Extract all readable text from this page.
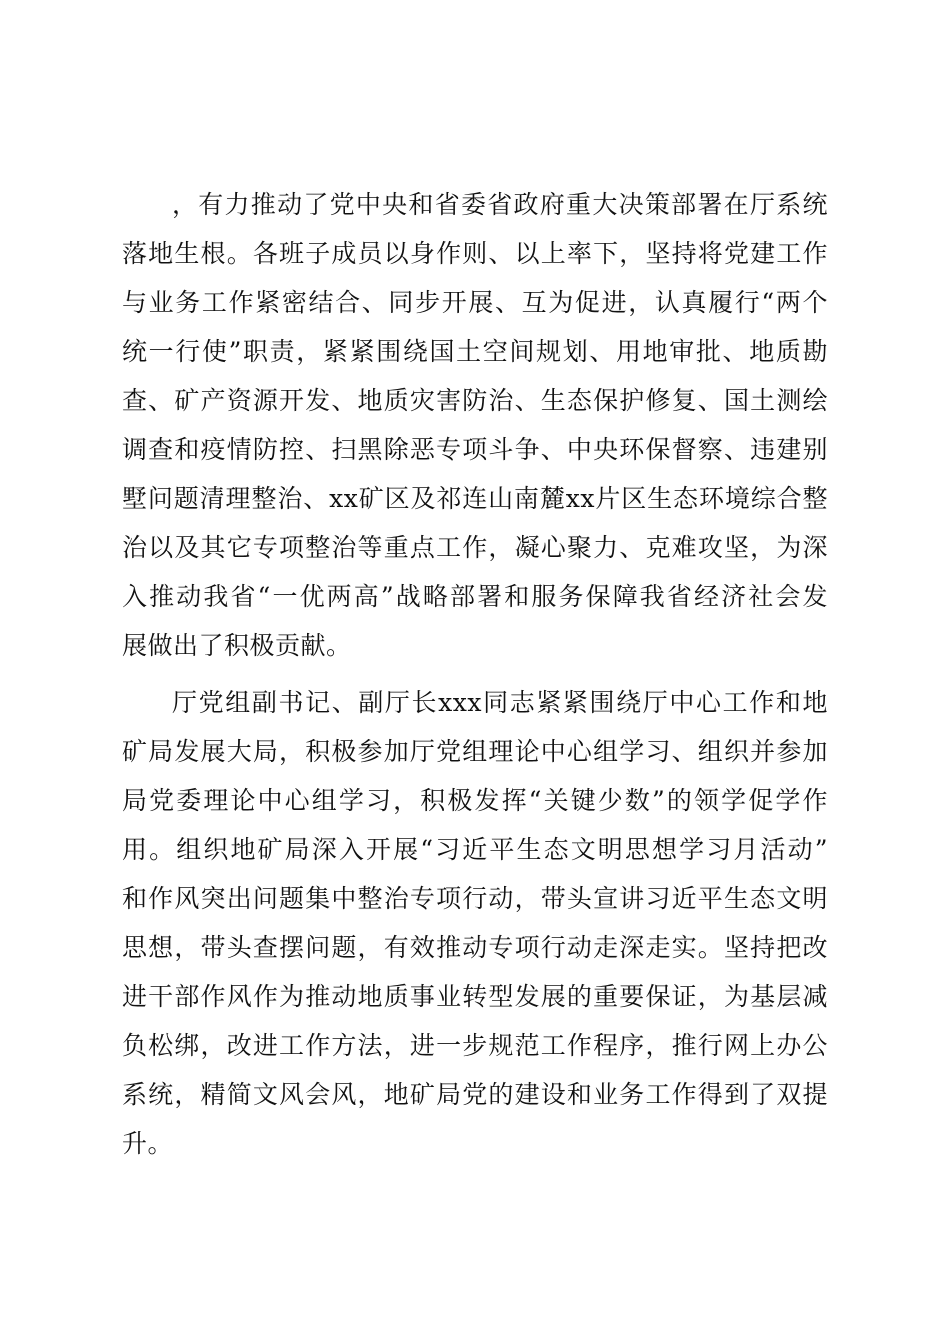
，有力推动了党中央和省委省政府重大决策部署在厅系统
落地生根。各班子成员以身作则、以上率下，坚持将党建工作
与业务工作紧密结合、同步开展、互为促进，认真履行“两个
统一行使”职责，紧紧围绕国土空间规划、用地审批、地质勘
查、矿产资源开发、地质灾害防治、生态保护修复、国土测绘
调查和疫情防控、扫黑除恶专项斗争、中央环保督察、违建别
墅问题清理整治、xx矿区及祁连山南麓xx片区生态环境综合整
治以及其它专项整治等重点工作，凝心聚力、克难攻坚，为深
入推动我省“一优两高”战略部署和服务保障我省经济社会发
展做出了积极贡献。
厅党组副书记、副厅长xxx同志紧紧围绕厅中心工作和地
矿局发展大局，积极参加厅党组理论中心组学习、组织并参加
局党委理论中心组学习，积极发挥“关键少数”的领学促学作
用。组织地矿局深入开展“习近平生态文明思想学习月活动”
和作风突出问题集中整治专项行动，带头宣讲习近平生态文明
思想，带头查摆问题，有效推动专项行动走深走实。坚持把改
进干部作风作为推动地质事业转型发展的重要保证，为基层减
负松绑，改进工作方法，进一步规范工作程序，推行网上办公
系统，精简文风会风，地矿局党的建设和业务工作得到了双提
升。
